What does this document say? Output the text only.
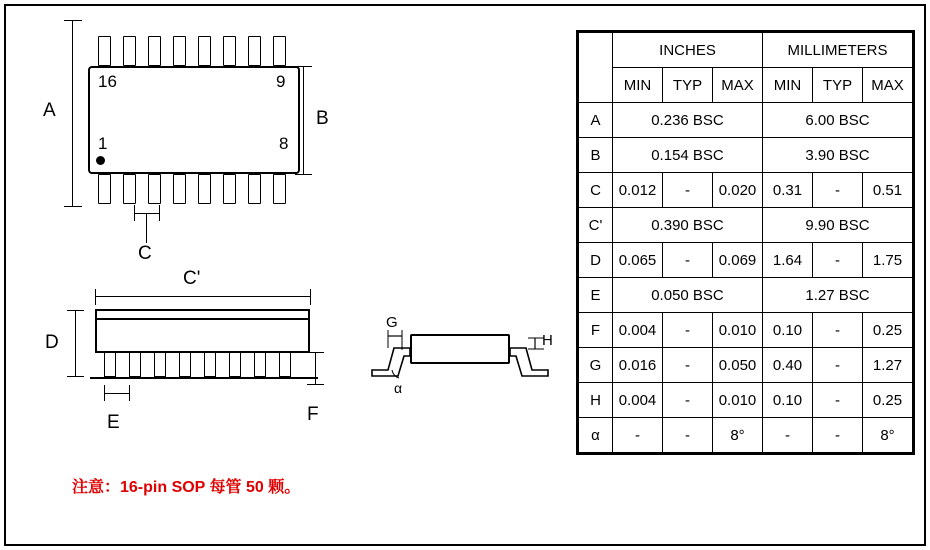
16	9
1	8
A	B
C
C'
D
E	F
G
H
α
注意：16-pin SOP 每管 50 颗。
	INCHES			MILLIMETERS		
	MIN	TYP	MAX	MIN	TYP	MAX
A	0.236 BSC			6.00 BSC		
B	0.154 BSC			3.90 BSC		
C	0.012	-	0.020	0.31	-	0.51
C'	0.390 BSC			9.90 BSC		
D	0.065	-	0.069	1.64	-	1.75
E	0.050 BSC			1.27 BSC		
F	0.004	-	0.010	0.10	-	0.25
G	0.016	-	0.050	0.40	-	1.27
H	0.004	-	0.010	0.10	-	0.25
α	-	-	8°	-	-	8°
